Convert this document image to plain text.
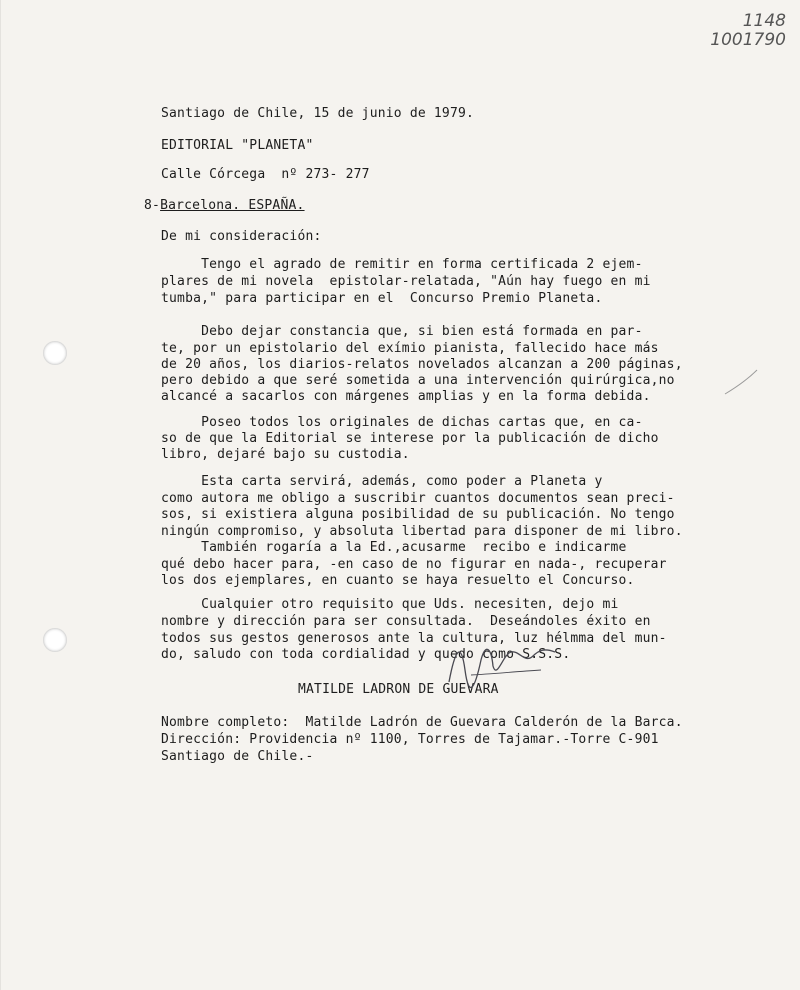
1148
1001790
Santiago de Chile, 15 de junio de 1979.
EDITORIAL "PLANETA"
Calle Córcega  nº 273- 277
8-Barcelona. ESPAÑA.
De mi consideración:
Tengo el agrado de remitir en forma certificada 2 ejem-
plares de mi novela  epistolar-relatada, "Aún hay fuego en mi
tumba," para participar en el  Concurso Premio Planeta.
Debo dejar constancia que, si bien está formada en par-
te, por un epistolario del exímio pianista, fallecido hace más
de 20 años, los diarios-relatos novelados alcanzan a 200 páginas,
pero debido a que seré sometida a una intervención quirúrgica,no
alcancé a sacarlos con márgenes amplias y en la forma debida.
Poseo todos los originales de dichas cartas que, en ca-
so de que la Editorial se interese por la publicación de dicho
libro, dejaré bajo su custodia.
Esta carta servirá, además, como poder a Planeta y
como autora me obligo a suscribir cuantos documentos sean preci-
sos, si existiera alguna posibilidad de su publicación. No tengo
ningún compromiso, y absoluta libertad para disponer de mi libro.
También rogaría a la Ed.,acusarme  recibo e indicarme
qué debo hacer para, -en caso de no figurar en nada-, recuperar
los dos ejemplares, en cuanto se haya resuelto el Concurso.
Cualquier otro requisito que Uds. necesiten, dejo mi
nombre y dirección para ser consultada.  Deseándoles éxito en
todos sus gestos generosos ante la cultura, luz hélmma del mun-
do, saludo con toda cordialidad y quedo como S.S.S.
MATILDE LADRON DE GUEVARA
Nombre completo:  Matilde Ladrón de Guevara Calderón de la Barca.
Dirección: Providencia nº 1100, Torres de Tajamar.-Torre C-901
Santiago de Chile.-
